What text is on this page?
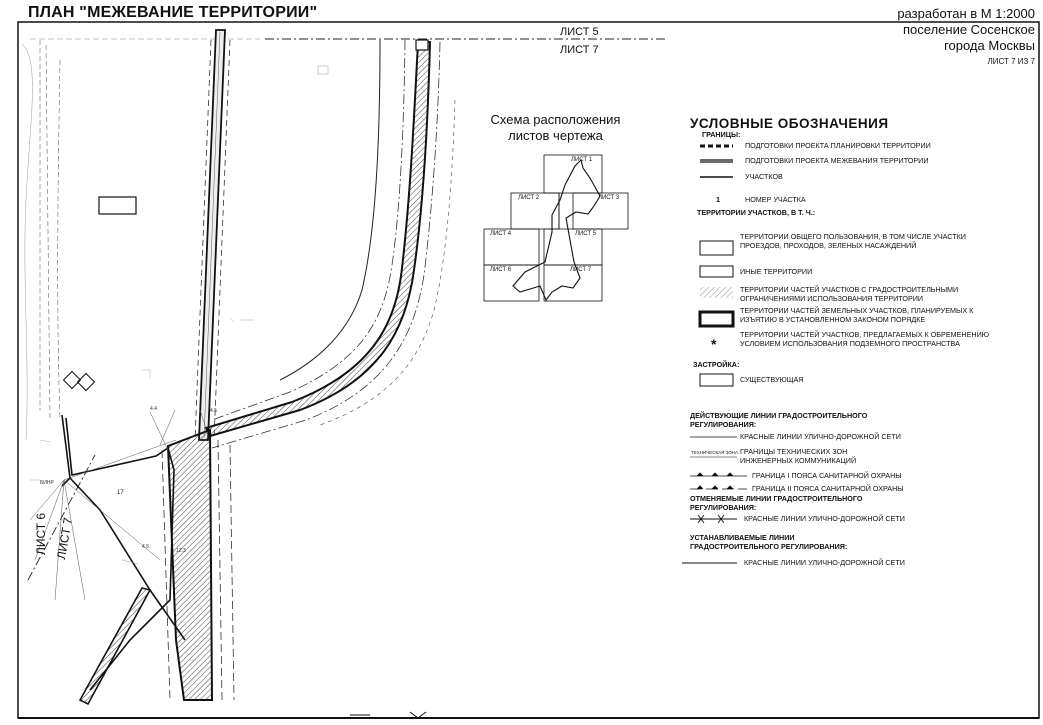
4.4	4.5
4.5
12.3
БИНР
ПЛАН "МЕЖЕВАНИЕ ТЕРРИТОРИИ"	разработан в М 1:2000
поселение Сосенское
города Москвы
ЛИСТ 7 ИЗ 7
ЛИСТ 5
ЛИСТ 7
ЛИСТ 6 ЛИСТ 7
17
Схема расположения листов чертежа
ЛИСТ 1
ЛИСТ 2	ЛИСТ 3
ЛИСТ 4	ЛИСТ 5
ЛИСТ 6	ЛИСТ 7
УСЛОВНЫЕ ОБОЗНАЧЕНИЯ
ГРАНИЦЫ:
ПОДГОТОВКИ ПРОЕКТА ПЛАНИРОВКИ ТЕРРИТОРИИ
ПОДГОТОВКИ ПРОЕКТА МЕЖЕВАНИЯ ТЕРРИТОРИИ
УЧАСТКОВ
1	НОМЕР УЧАСТКА
ТЕРРИТОРИИ УЧАСТКОВ, В Т. Ч.:
ТЕРРИТОРИИ ОБЩЕГО ПОЛЬЗОВАНИЯ, В ТОМ ЧИСЛЕ УЧАСТКИ ПРОЕЗДОВ, ПРОХОДОВ, ЗЕЛЕНЫХ НАСАЖДЕНИЙ
ИНЫЕ ТЕРРИТОРИИ
ТЕРРИТОРИИ ЧАСТЕЙ УЧАСТКОВ С ГРАДОСТРОИТЕЛЬНЫМИ ОГРАНИЧЕНИЯМИ ИСПОЛЬЗОВАНИЯ ТЕРРИТОРИИ
ТЕРРИТОРИИ ЧАСТЕЙ ЗЕМЕЛЬНЫХ УЧАСТКОВ, ПЛАНИРУЕМЫХ К ИЗЪЯТИЮ В УСТАНОВЛЕННОМ ЗАКОНОМ ПОРЯДКЕ
*
ТЕРРИТОРИИ ЧАСТЕЙ УЧАСТКОВ, ПРЕДЛАГАЕМЫХ К ОБРЕМЕНЕНИЮ УСЛОВИЕМ ИСПОЛЬЗОВАНИЯ ПОДЗЕМНОГО ПРОСТРАНСТВА
ЗАСТРОЙКА:
СУЩЕСТВУЮЩАЯ
ДЕЙСТВУЮЩИЕ ЛИНИИ ГРАДОСТРОИТЕЛЬНОГО РЕГУЛИРОВАНИЯ:
КРАСНЫЕ ЛИНИИ УЛИЧНО-ДОРОЖНОЙ СЕТИ
ТЕХНИЧЕСКАЯ ЗОНА ГРАНИЦЫ ТЕХНИЧЕСКИХ ЗОН ИНЖЕНЕРНЫХ КОММУНИКАЦИЙ
ГРАНИЦА I ПОЯСА САНИТАРНОЙ ОХРАНЫ
ГРАНИЦА II ПОЯСА САНИТАРНОЙ ОХРАНЫ
ОТМЕНЯЕМЫЕ ЛИНИИ ГРАДОСТРОИТЕЛЬНОГО РЕГУЛИРОВАНИЯ:
КРАСНЫЕ ЛИНИИ УЛИЧНО-ДОРОЖНОЙ СЕТИ
УСТАНАВЛИВАЕМЫЕ ЛИНИИ ГРАДОСТРОИТЕЛЬНОГО РЕГУЛИРОВАНИЯ:
КРАСНЫЕ ЛИНИИ УЛИЧНО-ДОРОЖНОЙ СЕТИ
